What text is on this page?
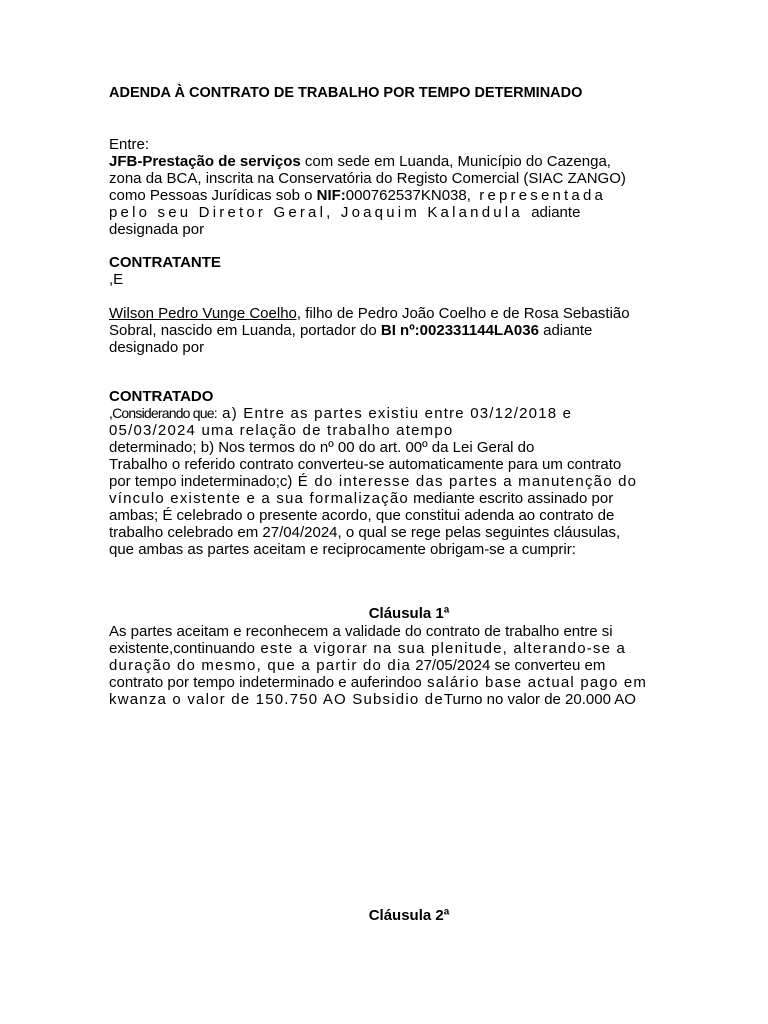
ADENDA À CONTRATO DE TRABALHO POR TEMPO DETERMINADO
Entre:
JFB-Prestação de serviços com sede em Luanda, Município do Cazenga,
zona da BCA, inscrita na Conservatória do Registo Comercial (SIAC ZANGO)
como Pessoas Jurídicas sob o NIF:000762537KN038, representada
pelo seu Diretor Geral, Joaquim Kalandula  adiante
designada por
CONTRATANTE
,E
Wilson Pedro Vunge Coelho, filho de Pedro João Coelho e de Rosa Sebastião
Sobral, nascido em Luanda, portador do BI nº:002331144LA036 adiante
designado por
CONTRATADO
,Considerando que: a) Entre as partes existiu entre 03/12/2018 e
05/03/2024 uma relação de trabalho atempo
determinado; b) Nos termos do nº 00 do art. 00º da Lei Geral do
Trabalho o referido contrato converteu-se automaticamente para um contrato
por tempo indeterminado;c) É do interesse das partes a manutenção do
vínculo existente e a sua formalização mediante escrito assinado por
ambas; É celebrado o presente acordo, que constitui adenda ao contrato de
trabalho celebrado em 27/04/2024, o qual se rege pelas seguintes cláusulas,
que ambas as partes aceitam e reciprocamente obrigam-se a cumprir:
Cláusula 1ª
As partes aceitam e reconhecem a validade do contrato de trabalho entre si
existente,continuando este a vigorar na sua plenitude, alterando-se a
duração do mesmo, que a partir do dia 27/05/2024 se converteu em
contrato por tempo indeterminado e auferindoo salário base actual pago em
kwanza o valor de 150.750 AO Subsidio deTurno no valor de 20.000 AO
Cláusula 2ª
